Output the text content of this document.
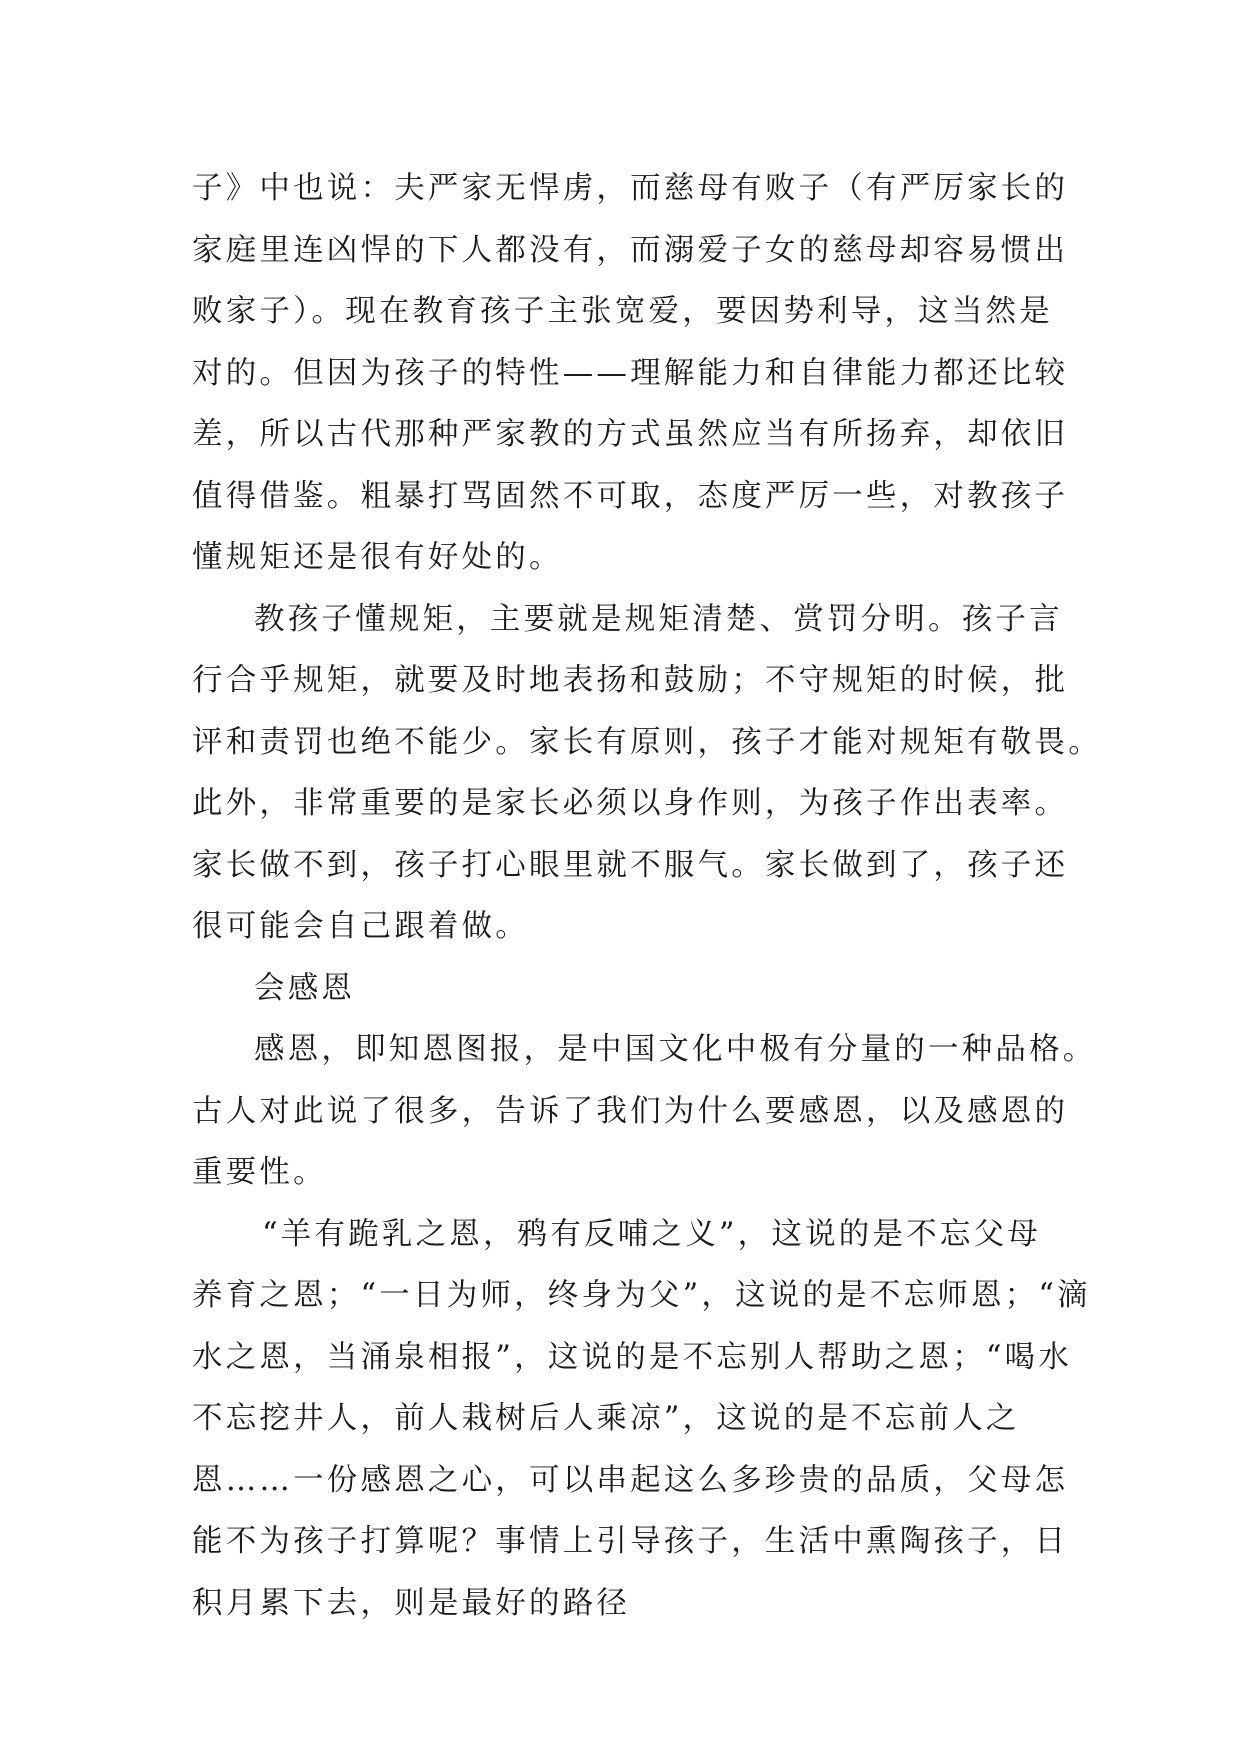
子》中也说：夫严家无悍虏，而慈母有败子（有严厉家长的
家庭里连凶悍的下人都没有，而溺爱子女的慈母却容易惯出
败家子）。现在教育孩子主张宽爱，要因势利导，这当然是
对的。但因为孩子的特性——理解能力和自律能力都还比较
差，所以古代那种严家教的方式虽然应当有所扬弃，却依旧
值得借鉴。粗暴打骂固然不可取，态度严厉一些，对教孩子
懂规矩还是很有好处的。
教孩子懂规矩，主要就是规矩清楚、赏罚分明。孩子言
行合乎规矩，就要及时地表扬和鼓励；不守规矩的时候，批
评和责罚也绝不能少。家长有原则，孩子才能对规矩有敬畏。
此外，非常重要的是家长必须以身作则，为孩子作出表率。
家长做不到，孩子打心眼里就不服气。家长做到了，孩子还
很可能会自己跟着做。
会感恩
感恩，即知恩图报，是中国文化中极有分量的一种品格。
古人对此说了很多，告诉了我们为什么要感恩，以及感恩的
重要性。
“羊有跪乳之恩，鸦有反哺之义”，这说的是不忘父母
养育之恩；“一日为师，终身为父”，这说的是不忘师恩；“滴
水之恩，当涌泉相报”，这说的是不忘别人帮助之恩；“喝水
不忘挖井人，前人栽树后人乘凉”，这说的是不忘前人之
恩……一份感恩之心，可以串起这么多珍贵的品质，父母怎
能不为孩子打算呢？事情上引导孩子，生活中熏陶孩子，日
积月累下去，则是最好的路径
